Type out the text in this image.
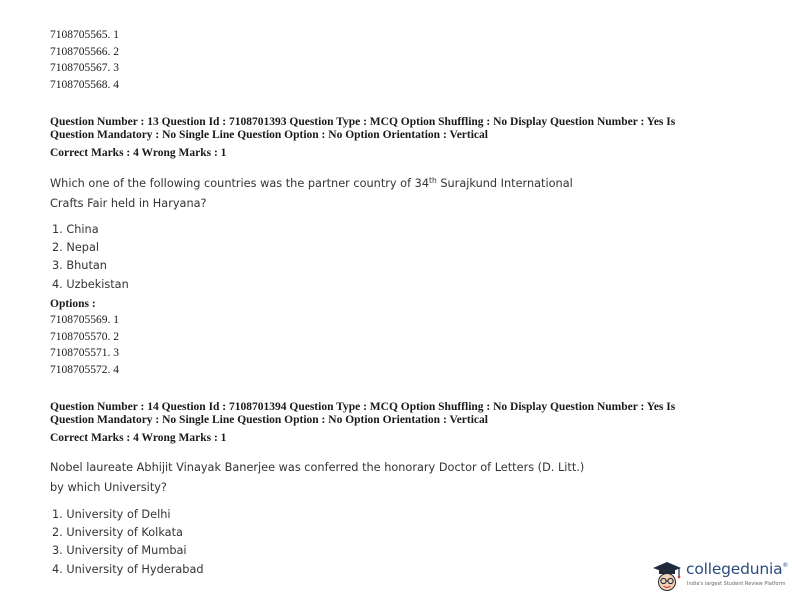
7108705565. 1
7108705566. 2
7108705567. 3
7108705568. 4
Question Number : 13 Question Id : 7108701393 Question Type : MCQ Option Shuffling : No Display Question Number : Yes Is
Question Mandatory : No Single Line Question Option : No Option Orientation : Vertical
Correct Marks : 4 Wrong Marks : 1
Which one of the following countries was the partner country of 34th Surajkund International
Crafts Fair held in Haryana?
1. China
2. Nepal
3. Bhutan
4. Uzbekistan
Options :
7108705569. 1
7108705570. 2
7108705571. 3
7108705572. 4
Question Number : 14 Question Id : 7108701394 Question Type : MCQ Option Shuffling : No Display Question Number : Yes Is
Question Mandatory : No Single Line Question Option : No Option Orientation : Vertical
Correct Marks : 4 Wrong Marks : 1
Nobel laureate Abhijit Vinayak Banerjee was conferred the honorary Doctor of Letters (D. Litt.)
by which University?
1. University of Delhi
2. University of Kolkata
3. University of Mumbai
4. University of Hyderabad	collegedunia®
India's largest Student Review Platform
